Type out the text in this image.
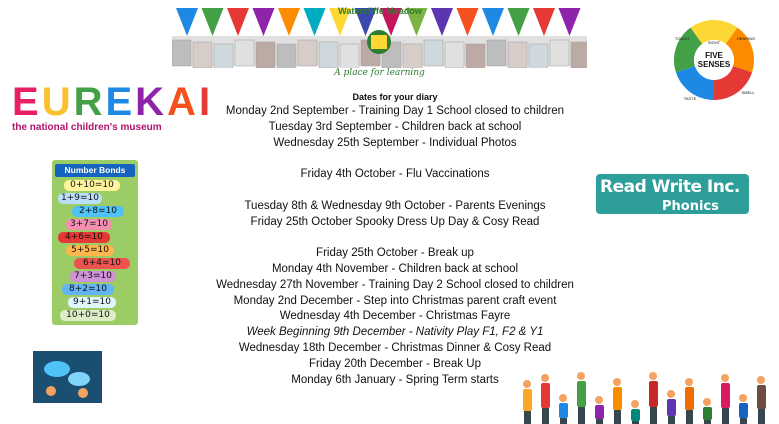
Watercliffe Meadow
A place for learning
E U R E K A I
the national children's museum
Dates for your diary
Monday 2nd September - Training Day 1 School closed to children
Tuesday 3rd September - Children back at school
Wednesday 25th September - Individual Photos
Friday 4th October - Flu Vaccinations
Tuesday 8th & Wednesday 9th October - Parents Evenings
Friday 25th October Spooky Dress Up Day & Cosy Read
Friday 25th October - Break up
Monday 4th November - Children back at school
Wednesday 27th November - Training Day 2 School closed to children
Monday 2nd December - Step into Christmas parent craft event
Wednesday 4th December - Christmas Fayre
Week Beginning 9th December - Nativity Play F1, F2 & Y1
Wednesday 18th December - Christmas Dinner & Cosy Read
Friday 20th December - Break Up
Monday 6th January - Spring Term starts
Number Bonds
0+10=10
1+9=10
2+8=10
3+7=10
4+6=10
5+5=10
6+4=10
7+3=10
8+2=10
9+1=10
10+0=10
FIVE
SENSES
SIGHT
HEARING
SMELL
TASTE
TOUCH
Read Write Inc.
Phonics
